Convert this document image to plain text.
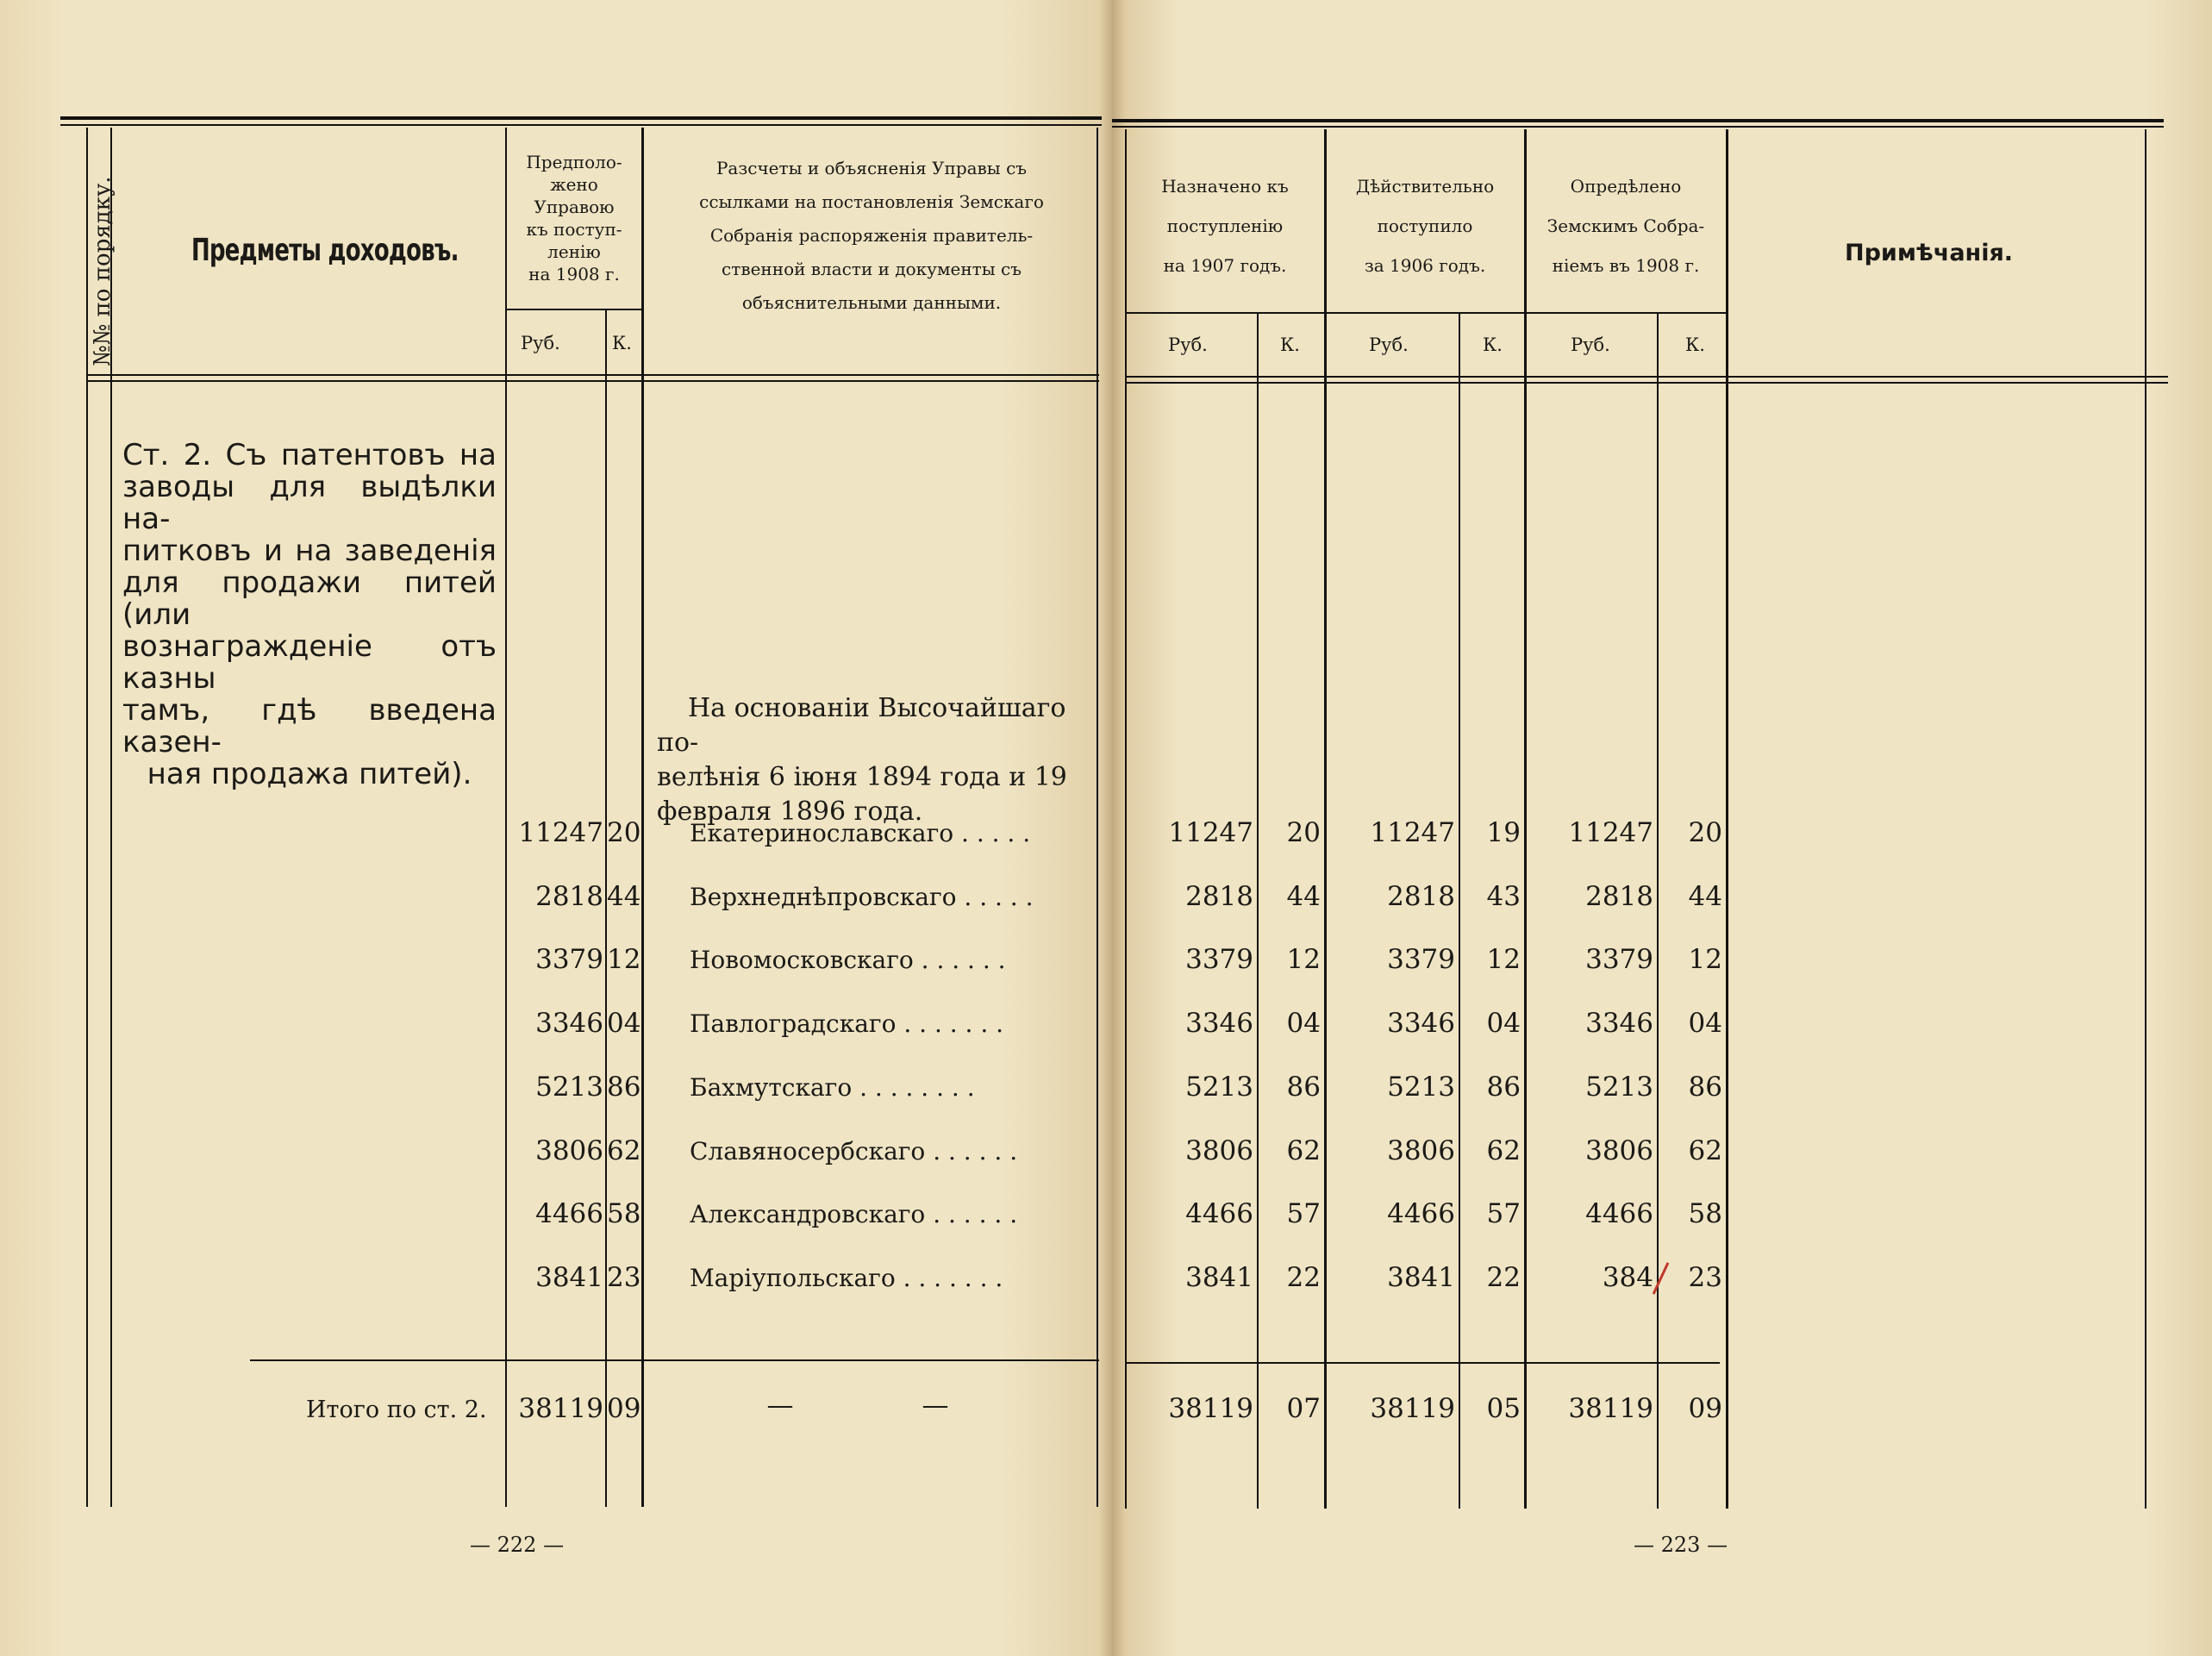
№№ по порядку. Предметы доходовъ.
Предполо-
жено
Управою
къ поступ-
ленію
на 1908 г.
Руб.	К.
Разсчеты и объясненія Управы съ
ссылками на постановленія Земскаго
Собранія распоряженія правитель-
ственной власти и документы съ
объяснительными данными.
Назначено къ
поступленію
на 1907 годъ.
Руб.	К.
Дѣйствительно
поступило
за 1906 годъ.
Руб.	К.
Опредѣлено
Земскимъ Собра-
ніемъ въ 1908 г.
Руб.	К.
Примѣчанія.
Ст. 2. Съ патентовъ на
заводы для выдѣлки на-
питковъ и на заведенія
для продажи питей (или
вознагражденіе отъ казны
тамъ, гдѣ введена казен-
ная продажа питей).
На основаніи Высочайшаго по-
велѣнія 6 іюня 1894 года и 19
февраля 1896 года.
Екатеринославскаго . . . . .
11247 20	11247	20	11247	19	11247	20
Верхнеднѣпровскаго . . . . .
2818 44	2818	44	2818	43	2818	44
Новомосковскаго . . . . . .
3379 12	3379	12	3379	12	3379	12
Павлоградскаго . . . . . . .
3346 04	3346	04	3346	04	3346	04
Бахмутскаго . . . . . . . .
5213 86	5213	86	5213	86	5213	86
Славяносербскаго . . . . . .
3806 62	3806	62	3806	62	3806	62
Александровскаго . . . . . .
4466 58	4466	57	4466	57	4466	58
Маріупольскаго . . . . . . .
3841 23	3841	22	3841	22	384	23
Итого по ст. 2. 38119 09	—	—	38119	07	38119	05	38119	09
— 222 —	— 223 —
